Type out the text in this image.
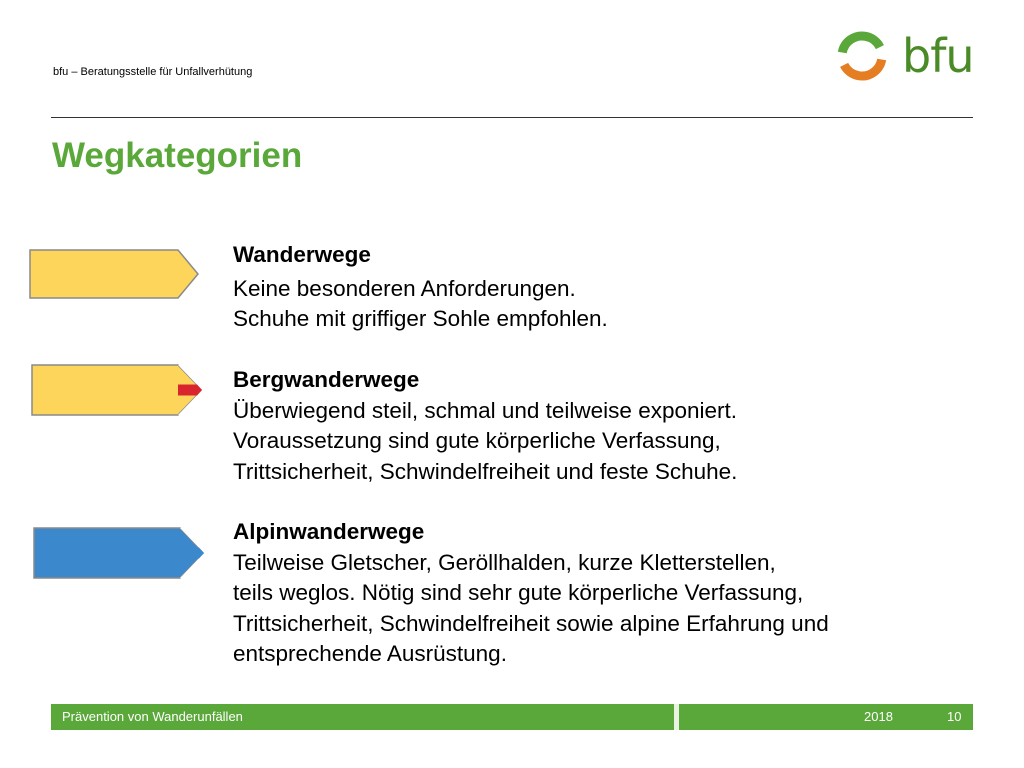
bfu – Beratungsstelle für Unfallverhütung	bfu
Wegkategorien
Wanderwege
Keine besonderen Anforderungen.
Schuhe mit griffiger Sohle empfohlen.
Bergwanderwege
Überwiegend steil, schmal und teilweise exponiert.
Voraussetzung sind gute körperliche Verfassung,
Trittsicherheit, Schwindelfreiheit und feste Schuhe.
Alpinwanderwege
Teilweise Gletscher, Geröllhalden, kurze Kletterstellen,
teils weglos. Nötig sind sehr gute körperliche Verfassung,
Trittsicherheit, Schwindelfreiheit sowie alpine Erfahrung und
entsprechende Ausrüstung.
Prävention von Wanderunfällen	2018	10
